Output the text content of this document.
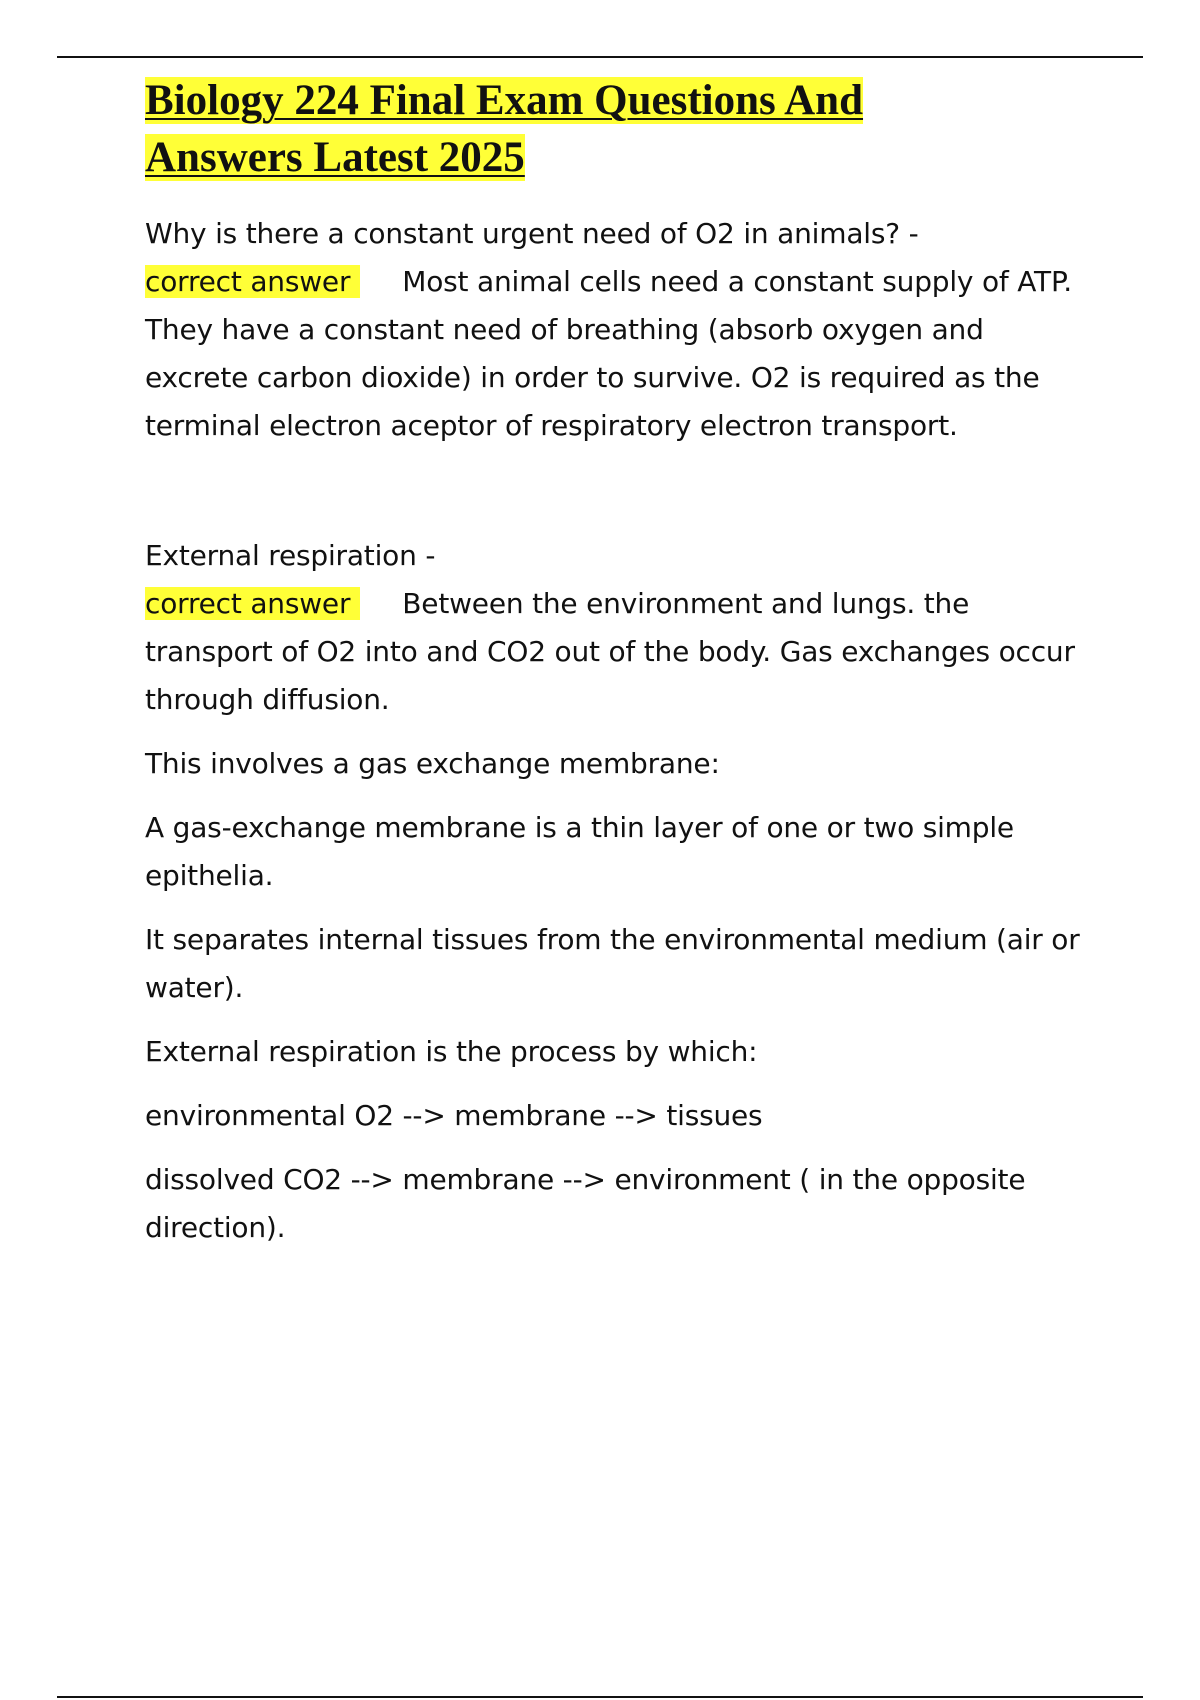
Biology 224 Final Exam Questions And
Answers Latest 2025

Why is there a constant urgent need of O2 in animals? -

correct answer Most animal cells need a constant supply of ATP. They have a constant need of breathing (absorb oxygen and excrete carbon dioxide) in order to survive. O2 is required as the terminal electron aceptor of respiratory electron transport.

External respiration -

correct answer Between the environment and lungs. the transport of O2 into and CO2 out of the body. Gas exchanges occur through diffusion.

This involves a gas exchange membrane:

A gas-exchange membrane is a thin layer of one or two simple epithelia.

It separates internal tissues from the environmental medium (air or water).

External respiration is the process by which:

environmental O2 --> membrane --> tissues

dissolved CO2 --> membrane --> environment ( in the opposite direction).
